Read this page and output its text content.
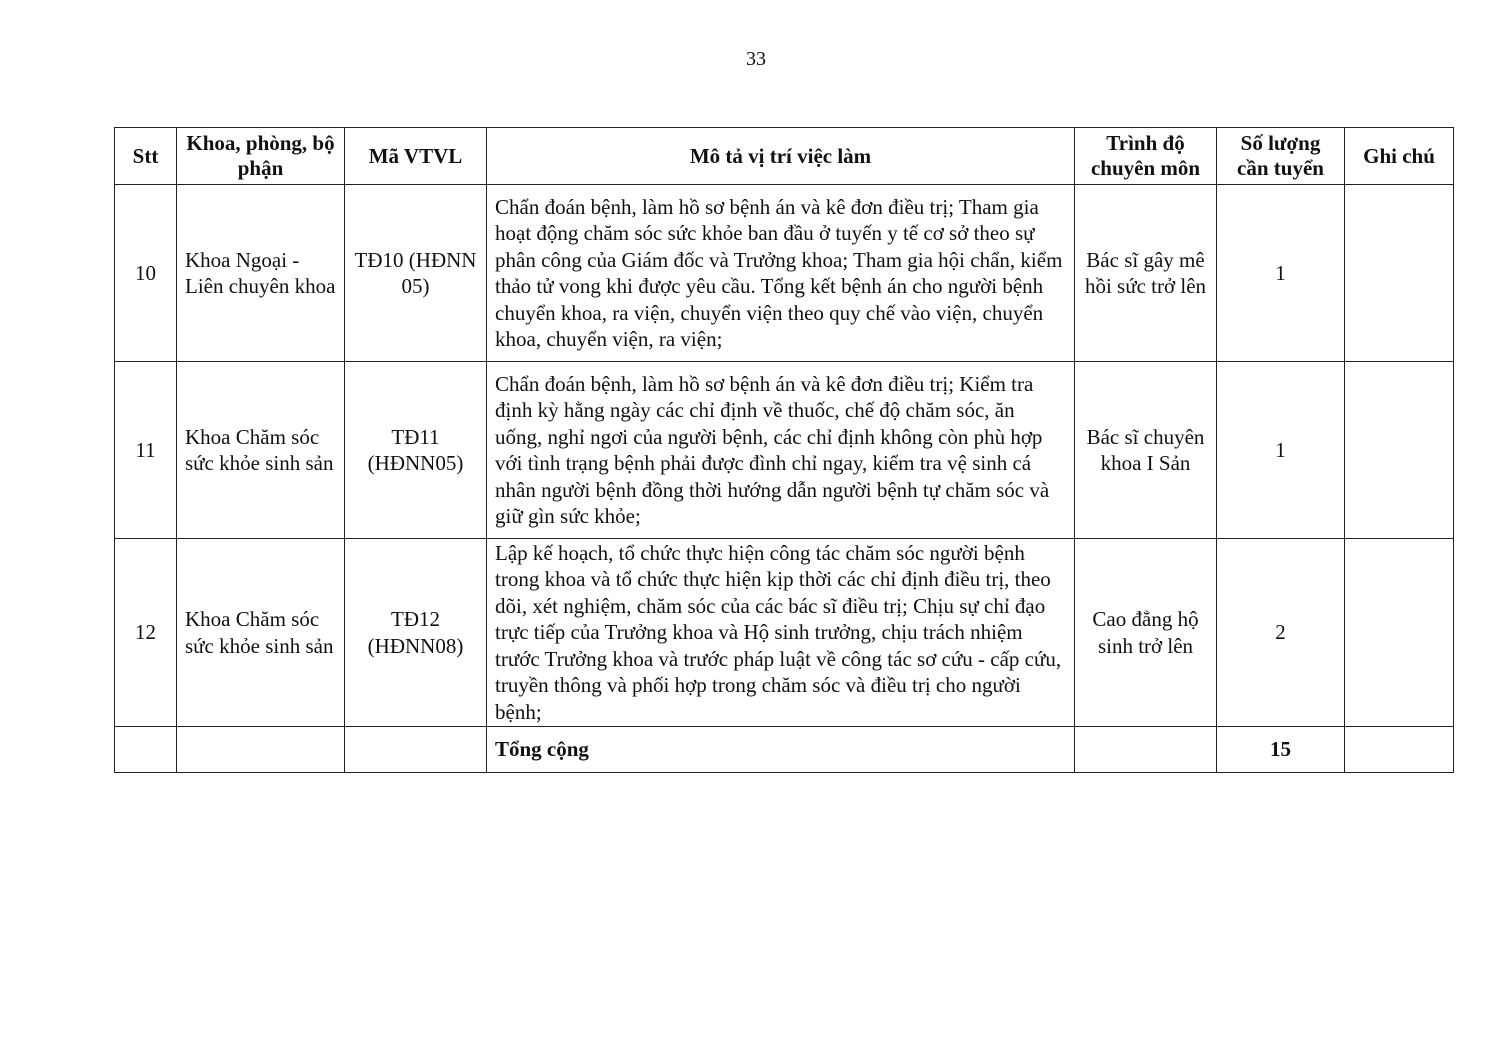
33
Stt	Khoa, phòng, bộ phận	Mã VTVL	Mô tả vị trí việc làm	Trình độ chuyên môn	Số lượng cần tuyển	Ghi chú
10	Khoa Ngoại - Liên chuyên khoa	TĐ10 (HĐNN 05)	Chẩn đoán bệnh, làm hồ sơ bệnh án và kê đơn điều trị; Tham gia hoạt động chăm sóc sức khỏe ban đầu ở tuyến y tế cơ sở theo sự phân công của Giám đốc và Trưởng khoa; Tham gia hội chẩn, kiểm thảo tử vong khi được yêu cầu. Tổng kết bệnh án cho người bệnh chuyển khoa, ra viện, chuyển viện theo quy chế vào viện, chuyển khoa, chuyển viện, ra viện;	Bác sĩ gây mê hồi sức trở lên	1	
11	Khoa Chăm sóc sức khỏe sinh sản	TĐ11 (HĐNN05)	Chẩn đoán bệnh, làm hồ sơ bệnh án và kê đơn điều trị; Kiểm tra định kỳ hằng ngày các chỉ định về thuốc, chế độ chăm sóc, ăn uống, nghỉ ngơi của người bệnh, các chỉ định không còn phù hợp với tình trạng bệnh phải được đình chỉ ngay, kiểm tra vệ sinh cá nhân người bệnh đồng thời hướng dẫn người bệnh tự chăm sóc và giữ gìn sức khỏe;	Bác sĩ chuyên khoa I Sản	1	
12	Khoa Chăm sóc sức khỏe sinh sản	TĐ12 (HĐNN08)	Lập kế hoạch, tổ chức thực hiện công tác chăm sóc người bệnh trong khoa và tổ chức thực hiện kịp thời các chỉ định điều trị, theo dõi, xét nghiệm, chăm sóc của các bác sĩ điều trị; Chịu sự chỉ đạo trực tiếp của Trưởng khoa và Hộ sinh trưởng, chịu trách nhiệm trước Trưởng khoa và trước pháp luật về công tác sơ cứu - cấp cứu, truyền thông và phối hợp trong chăm sóc và điều trị cho người bệnh;	Cao đẳng hộ sinh trở lên	2	
			Tổng cộng		15	
